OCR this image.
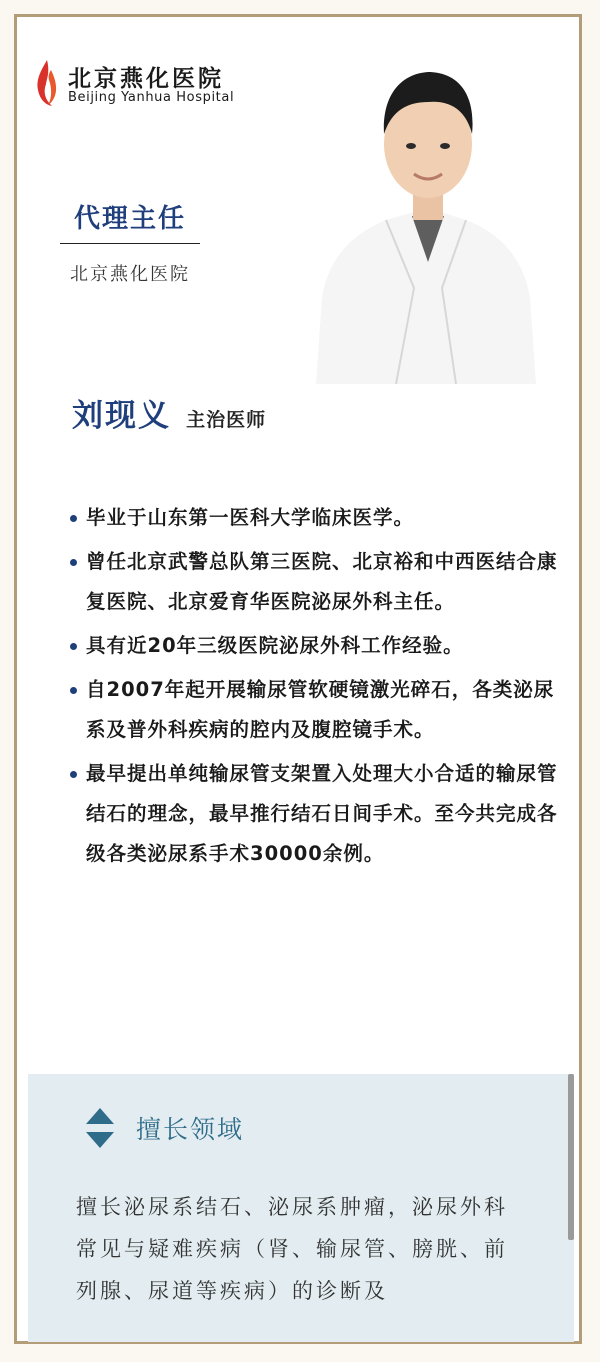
北京燕化医院
Beijing Yanhua Hospital
代理主任
北京燕化医院
刘现义 主治医师
毕业于山东第一医科大学临床医学。
曾任北京武警总队第三医院、北京裕和中西医结合康复医院、北京爱育华医院泌尿外科主任。
具有近20年三级医院泌尿外科工作经验。
自2007年起开展输尿管软硬镜激光碎石，各类泌尿系及普外科疾病的腔内及腹腔镜手术。
最早提出单纯输尿管支架置入处理大小合适的输尿管结石的理念，最早推行结石日间手术。至今共完成各级各类泌尿系手术30000余例。
擅长领域
擅长泌尿系结石、泌尿系肿瘤，泌尿外科常见与疑难疾病（肾、输尿管、膀胱、前列腺、尿道等疾病）的诊断及
